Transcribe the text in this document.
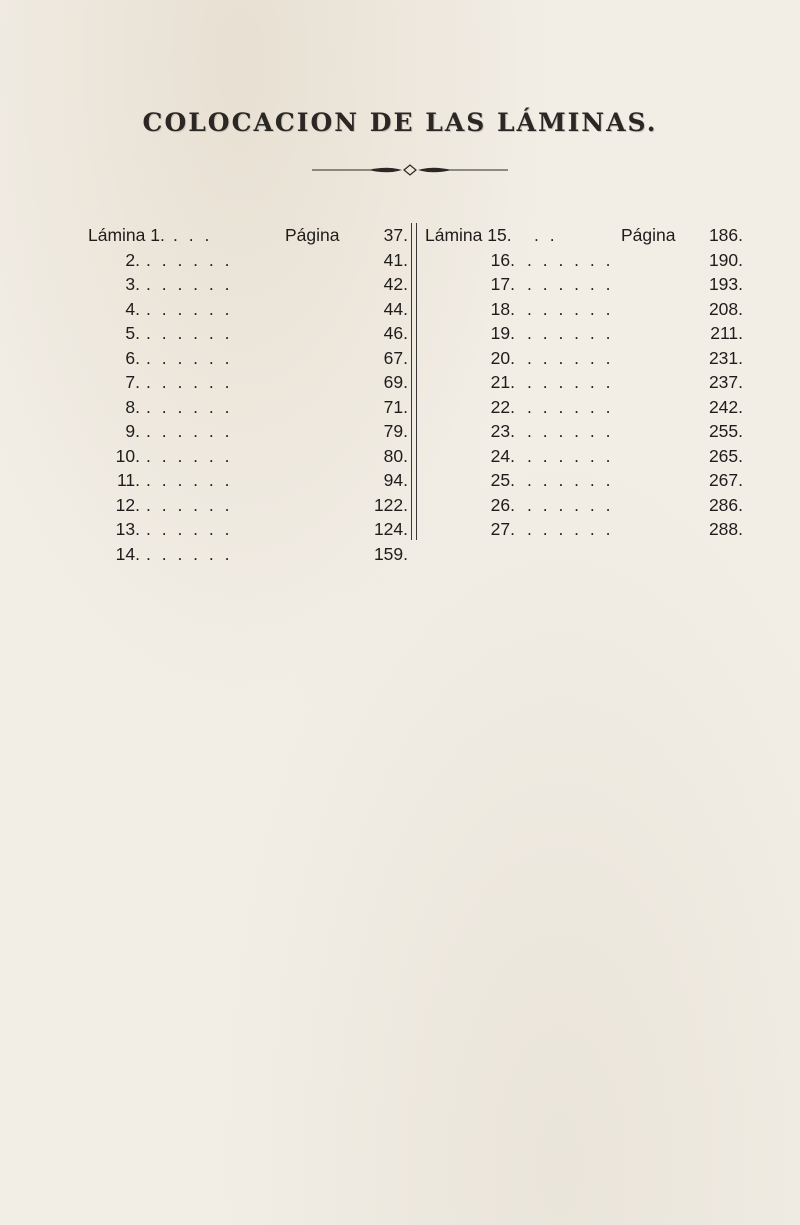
COLOCACION DE LAS LÁMINAS.
Lámina 1. . . .	Página	37.
2. . . . . . .	41.
3. . . . . . .	42.
4. . . . . . .	44.
5. . . . . . .	46.
6. . . . . . .	67.
7. . . . . . .	69.
8. . . . . . .	71.
9. . . . . . .	79.
10. . . . . . .	80.
11. . . . . . .	94.
12. . . . . . .	122.
13. . . . . . .	124.
14. . . . . . .	159.
Lámina 15. . .	Página 186.
16. . . . . . .	190.
17. . . . . . .	193.
18. . . . . . .	208.
19. . . . . . .	211.
20. . . . . . .	231.
21. . . . . . .	237.
22. . . . . . .	242.
23. . . . . . .	255.
24. . . . . . .	265.
25. . . . . . .	267.
26. . . . . . .	286.
27. . . . . . .	288.
